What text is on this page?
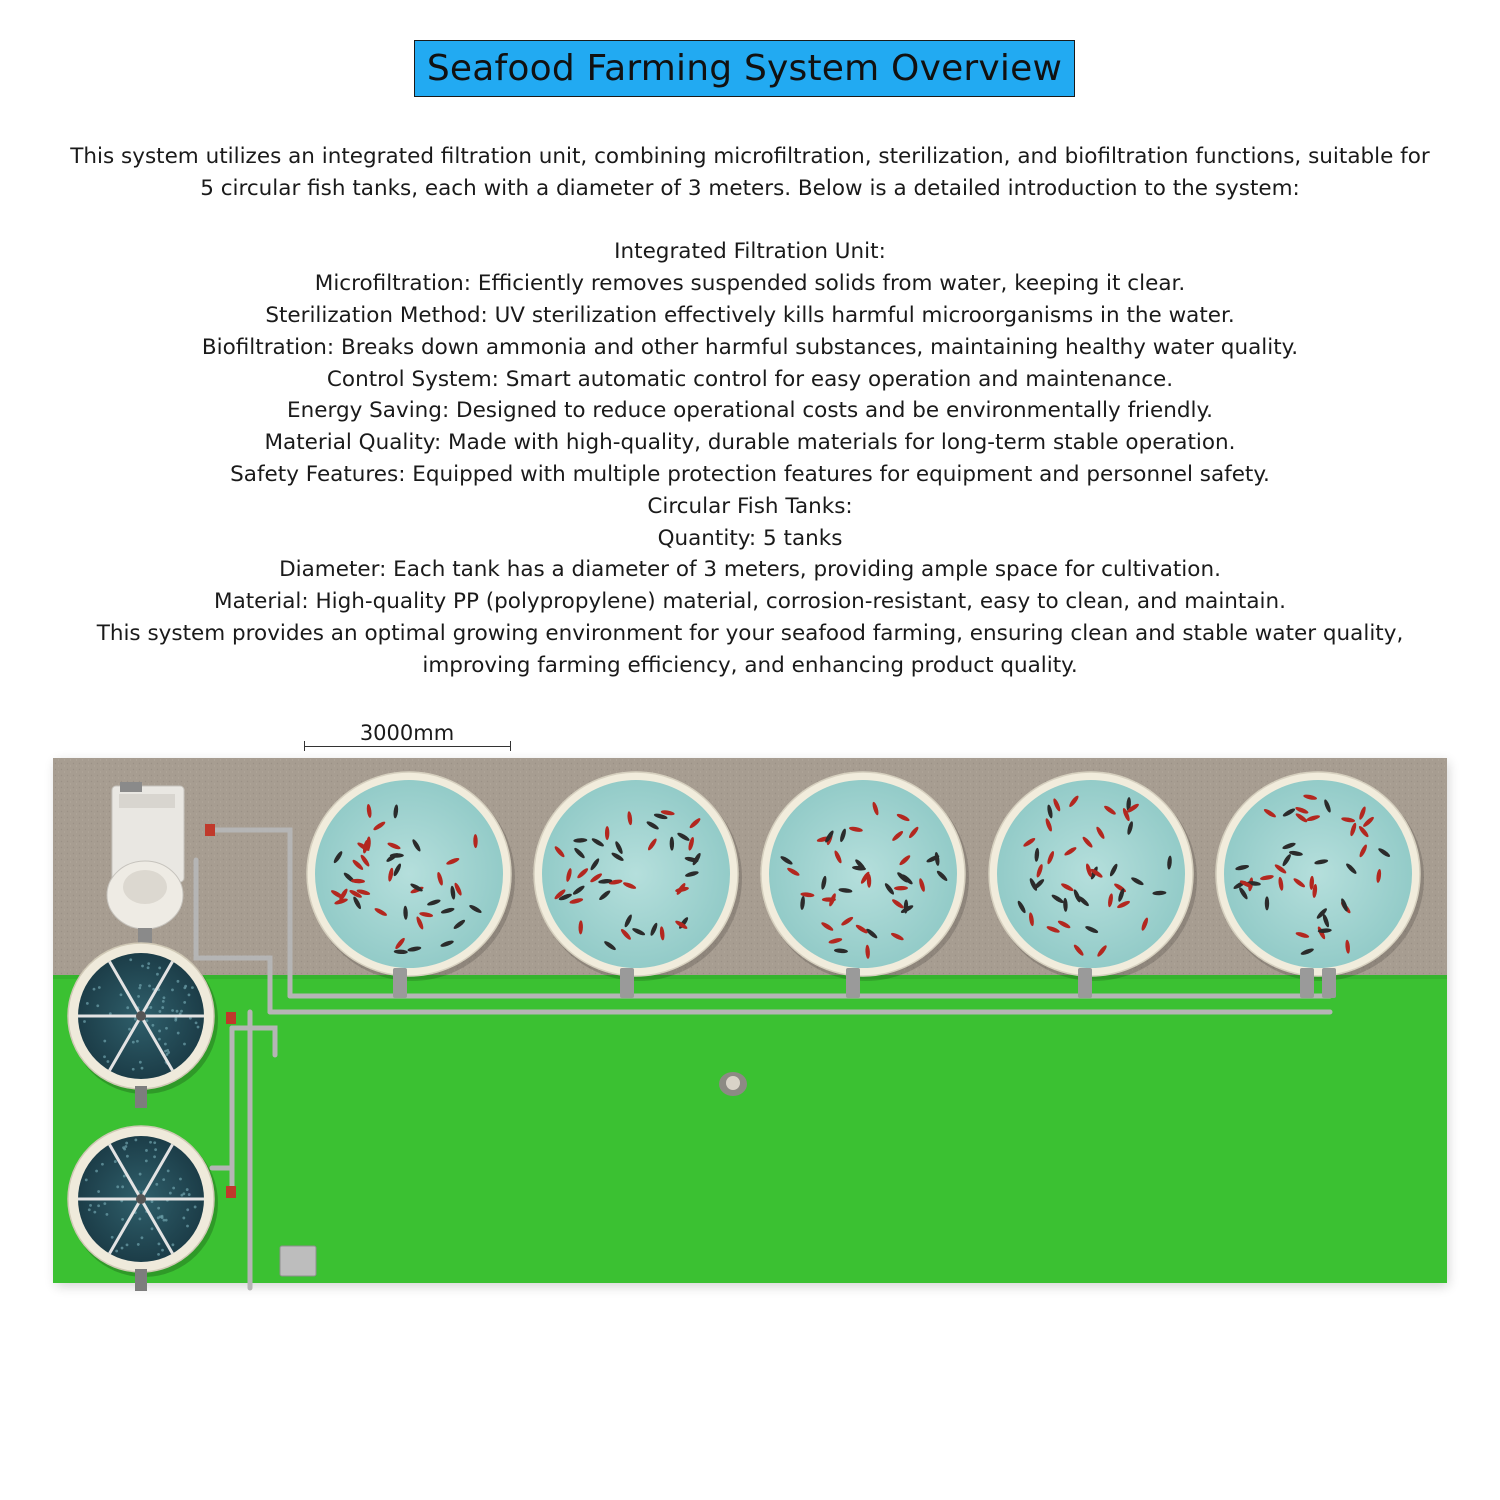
Seafood Farming System Overview

This system utilizes an integrated filtration unit, combining microfiltration, sterilization, and biofiltration functions, suitable for

5 circular fish tanks, each with a diameter of 3 meters. Below is a detailed introduction to the system:

Integrated Filtration Unit:

Microfiltration: Efficiently removes suspended solids from water, keeping it clear.

Sterilization Method: UV sterilization effectively kills harmful microorganisms in the water.

Biofiltration: Breaks down ammonia and other harmful substances, maintaining healthy water quality.

Control System: Smart automatic control for easy operation and maintenance.

Energy Saving: Designed to reduce operational costs and be environmentally friendly.

Material Quality: Made with high-quality, durable materials for long-term stable operation.

Safety Features: Equipped with multiple protection features for equipment and personnel safety.

Circular Fish Tanks:

Quantity: 5 tanks

Diameter: Each tank has a diameter of 3 meters, providing ample space for cultivation.

Material: High-quality PP (polypropylene) material, corrosion-resistant, easy to clean, and maintain.

This system provides an optimal growing environment for your seafood farming, ensuring clean and stable water quality,

improving farming efficiency, and enhancing product quality.

3000mm
